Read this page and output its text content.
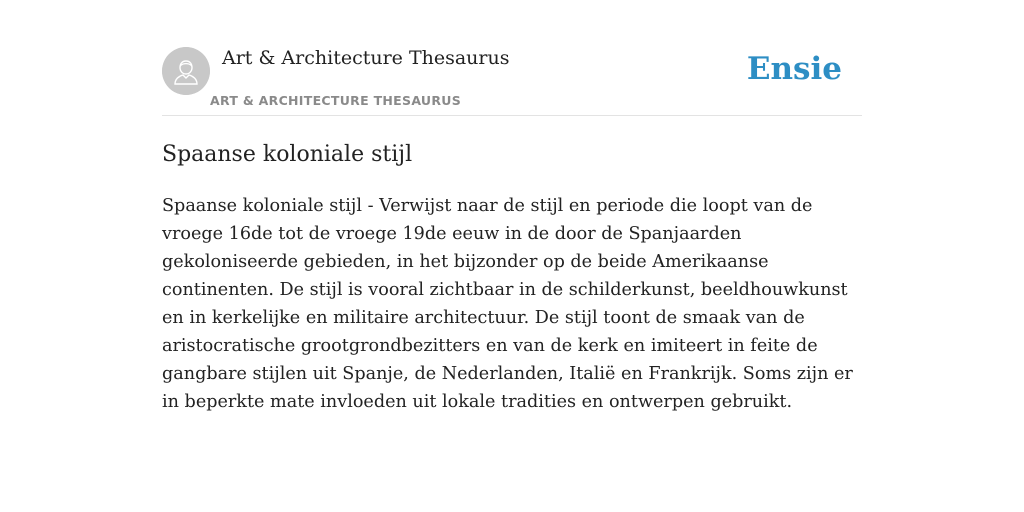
Art & Architecture Thesaurus
ART & ARCHITECTURE THESAURUS
Ensie
Spaanse koloniale stijl

Spaanse koloniale stijl - Verwijst naar de stijl en periode die loopt van de vroege 16de tot de vroege 19de eeuw in de door de Spanjaarden gekoloniseerde gebieden, in het bijzonder op de beide Amerikaanse continenten. De stijl is vooral zichtbaar in de schilderkunst, beeldhouwkunst en in kerkelijke en militaire architectuur. De stijl toont de smaak van de aristocratische grootgrondbezitters en van de kerk en imiteert in feite de gangbare stijlen uit Spanje, de Nederlanden, Italië en Frankrijk. Soms zijn er in beperkte mate invloeden uit lokale tradities en ontwerpen gebruikt.
